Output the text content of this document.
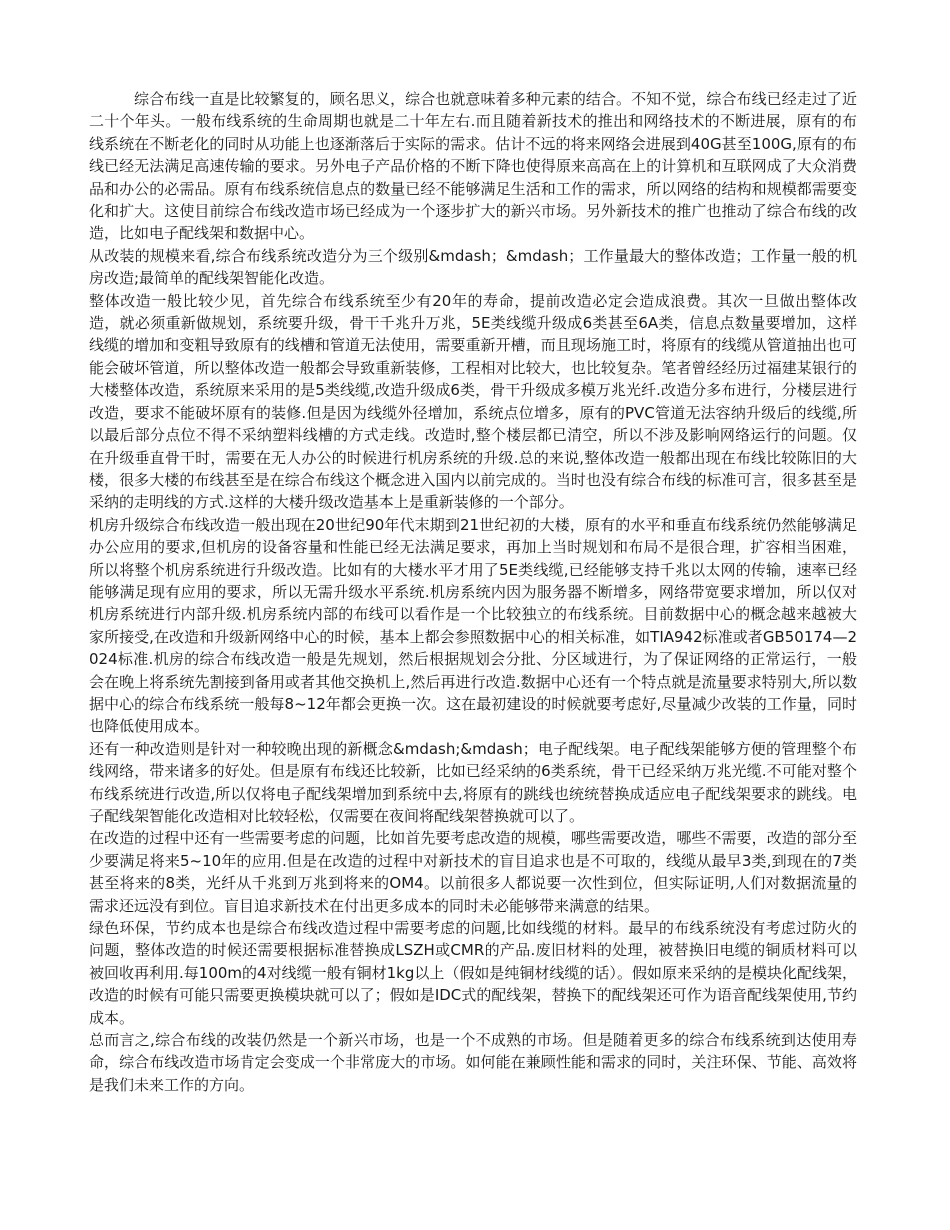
综合布线一直是比较繁复的，顾名思义，综合也就意味着多种元素的结合。不知不觉，综合布线已经走过了近二十个年头。一般布线系统的生命周期也就是二十年左右.而且随着新技术的推出和网络技术的不断进展，原有的布线系统在不断老化的同时从功能上也逐渐落后于实际的需求。估计不远的将来网络会进展到40G甚至100G,原有的布线已经无法满足高速传输的要求。另外电子产品价格的不断下降也使得原来高高在上的计算机和互联网成了大众消费品和办公的必需品。原有布线系统信息点的数量已经不能够满足生活和工作的需求，所以网络的结构和规模都需要变化和扩大。这使目前综合布线改造市场已经成为一个逐步扩大的新兴市场。另外新技术的推广也推动了综合布线的改造，比如电子配线架和数据中心。

从改装的规模来看,综合布线系统改造分为三个级别&mdash；&mdash；工作量最大的整体改造；工作量一般的机房改造;最简单的配线架智能化改造。

整体改造一般比较少见，首先综合布线系统至少有20年的寿命，提前改造必定会造成浪费。其次一旦做出整体改造，就必须重新做规划，系统要升级，骨干千兆升万兆，5E类线缆升级成6类甚至6A类，信息点数量要增加，这样线缆的增加和变粗导致原有的线槽和管道无法使用，需要重新开槽，而且现场施工时，将原有的线缆从管道抽出也可能会破坏管道，所以整体改造一般都会导致重新装修，工程相对比较大，也比较复杂。笔者曾经经历过福建某银行的大楼整体改造，系统原来采用的是5类线缆,改造升级成6类，骨干升级成多模万兆光纤.改造分多布进行，分楼层进行改造，要求不能破坏原有的装修.但是因为线缆外径增加，系统点位增多，原有的PVC管道无法容纳升级后的线缆,所以最后部分点位不得不采纳塑料线槽的方式走线。改造时,整个楼层都已清空，所以不涉及影响网络运行的问题。仅在升级垂直骨干时，需要在无人办公的时候进行机房系统的升级.总的来说,整体改造一般都出现在布线比较陈旧的大楼，很多大楼的布线甚至是在综合布线这个概念进入国内以前完成的。当时也没有综合布线的标准可言，很多甚至是采纳的走明线的方式.这样的大楼升级改造基本上是重新装修的一个部分。

机房升级综合布线改造一般出现在20世纪90年代末期到21世纪初的大楼，原有的水平和垂直布线系统仍然能够满足办公应用的要求,但机房的设备容量和性能已经无法满足要求，再加上当时规划和布局不是很合理，扩容相当困难，所以将整个机房系统进行升级改造。比如有的大楼水平才用了5E类线缆,已经能够支持千兆以太网的传输，速率已经能够满足现有应用的要求，所以无需升级水平系统.机房系统内因为服务器不断增多，网络带宽要求增加，所以仅对机房系统进行内部升级.机房系统内部的布线可以看作是一个比较独立的布线系统。目前数据中心的概念越来越被大家所接受,在改造和升级新网络中心的时候，基本上都会参照数据中心的相关标准，如TIA942标准或者GB50174—2024标准.机房的综合布线改造一般是先规划，然后根据规划会分批、分区域进行，为了保证网络的正常运行，一般会在晚上将系统先割接到备用或者其他交换机上,然后再进行改造.数据中心还有一个特点就是流量要求特别大,所以数据中心的综合布线系统一般每8~12年都会更换一次。这在最初建设的时候就要考虑好,尽量减少改装的工作量，同时也降低使用成本。

还有一种改造则是针对一种较晚出现的新概念&mdash;&mdash；电子配线架。电子配线架能够方便的管理整个布线网络，带来诸多的好处。但是原有布线还比较新，比如已经采纳的6类系统，骨干已经采纳万兆光缆.不可能对整个布线系统进行改造,所以仅将电子配线架增加到系统中去,将原有的跳线也统统替换成适应电子配线架要求的跳线。电子配线架智能化改造相对比较轻松，仅需要在夜间将配线架替换就可以了。

在改造的过程中还有一些需要考虑的问题，比如首先要考虑改造的规模，哪些需要改造，哪些不需要，改造的部分至少要满足将来5~10年的应用.但是在改造的过程中对新技术的盲目追求也是不可取的，线缆从最早3类,到现在的7类甚至将来的8类，光纤从千兆到万兆到将来的OM4。以前很多人都说要一次性到位，但实际证明,人们对数据流量的需求还远没有到位。盲目追求新技术在付出更多成本的同时未必能够带来满意的结果。

绿色环保，节约成本也是综合布线改造过程中需要考虑的问题,比如线缆的材料。最早的布线系统没有考虑过防火的问题，整体改造的时候还需要根据标准替换成LSZH或CMR的产品.废旧材料的处理，被替换旧电缆的铜质材料可以被回收再利用.每100m的4对线缆一般有铜材1kg以上（假如是纯铜材线缆的话）。假如原来采纳的是模块化配线架，改造的时候有可能只需要更换模块就可以了；假如是IDC式的配线架，替换下的配线架还可作为语音配线架使用,节约成本。

总而言之,综合布线的改装仍然是一个新兴市场，也是一个不成熟的市场。但是随着更多的综合布线系统到达使用寿命，综合布线改造市场肯定会变成一个非常庞大的市场。如何能在兼顾性能和需求的同时，关注环保、节能、高效将是我们未来工作的方向。
